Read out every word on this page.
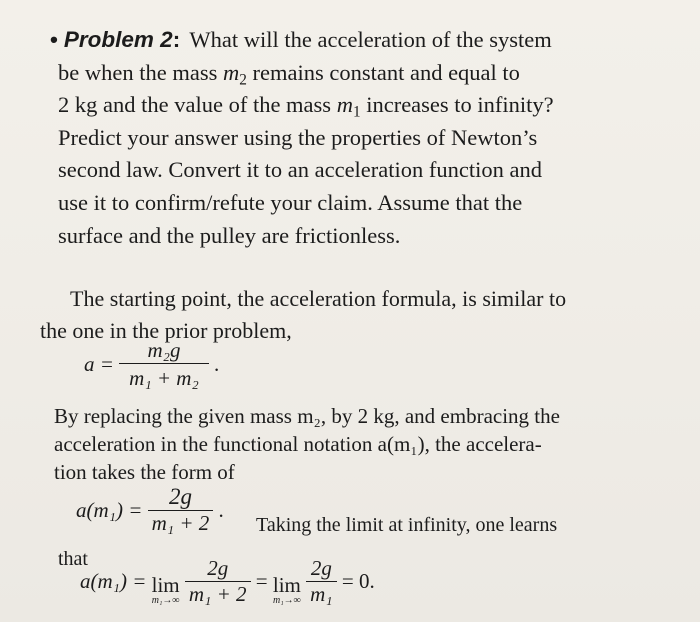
• Problem 2: What will the acceleration of the system
be when the mass $m_2$ remains constant and equal to
2 kg and the value of the mass $m_1$ increases to infinity?
Predict your answer using the properties of Newton’s
second law. Convert it to an acceleration function and
use it to confirm/refute your claim. Assume that the
surface and the pulley are frictionless.
The starting point, the acceleration formula, is similar to
the one in the prior problem,
$a = \frac{\text{m₂g}}{\text{m₁ + m₂}}$ .
By replacing the given mass m₂, by 2 kg, and embracing the
acceleration in the functional notation a(m₁), the accelera-
tion takes the form of
$a(m_1) = \frac{2g}{\text{m₁ + 2}}$ .
Taking the limit at infinity, one learns
that
a(m₁) = lim
m₁→∞
$\frac{2g}{\text{m₁ + 2}} = \lim$
m₁→∞
$\frac{2g}{\text{m₁}} = 0$.
